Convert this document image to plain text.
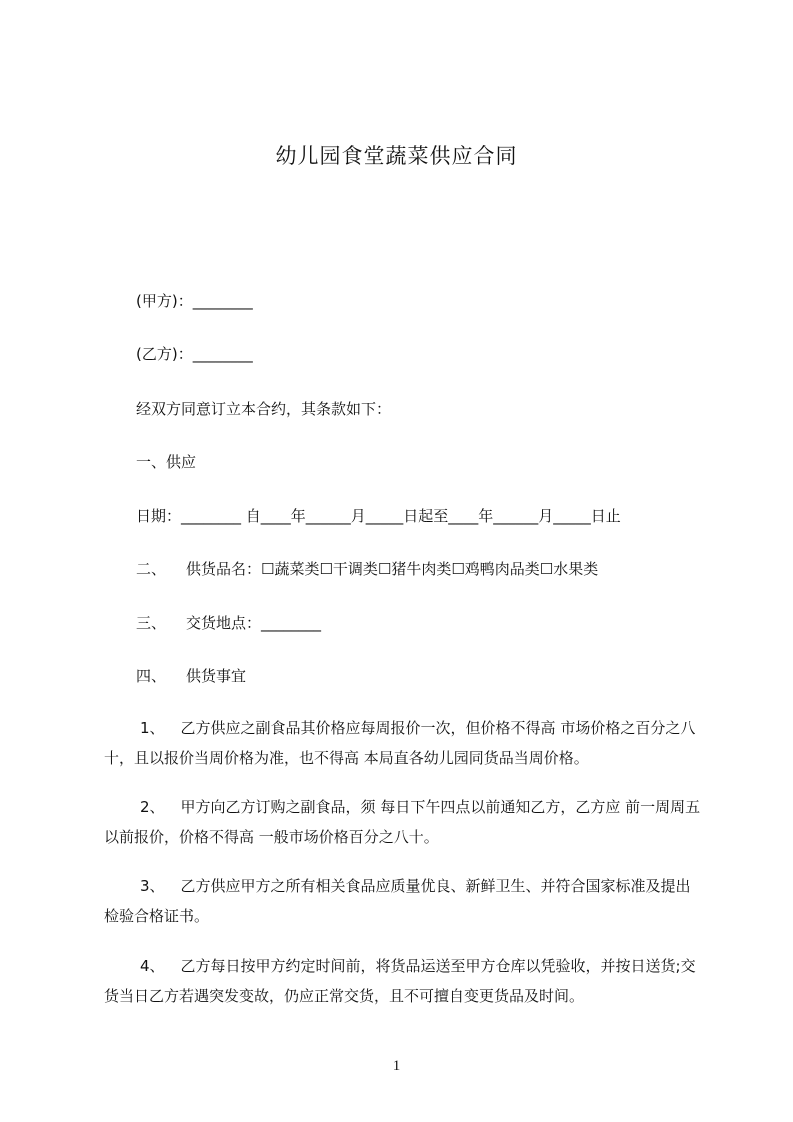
幼儿园食堂蔬菜供应合同
(甲方)：________
(乙方)：________
经双方同意订立本合约，其条款如下：
一、供应
日期：________ 自____年______月_____日起至____年______月_____日止
二、 供货品名：☐蔬菜类☐干调类☐猪牛肉类☐鸡鸭肉品类☐水果类
三、 交货地点：________
四、 供货事宜
1、 乙方供应之副食品其价格应每周报价一次，但价格不得高 市场价格之百分之八十，且以报价当周价格为准，也不得高 本局直各幼儿园同货品当周价格。
2、 甲方向乙方订购之副食品，须 每日下午四点以前通知乙方，乙方应 前一周周五以前报价，价格不得高 一般市场价格百分之八十。
3、 乙方供应甲方之所有相关食品应质量优良、新鲜卫生、并符合国家标准及提出检验合格证书。
4、 乙方每日按甲方约定时间前，将货品运送至甲方仓库以凭验收，并按日送货;交货当日乙方若遇突发变故，仍应正常交货，且不可擅自变更货品及时间。
1
